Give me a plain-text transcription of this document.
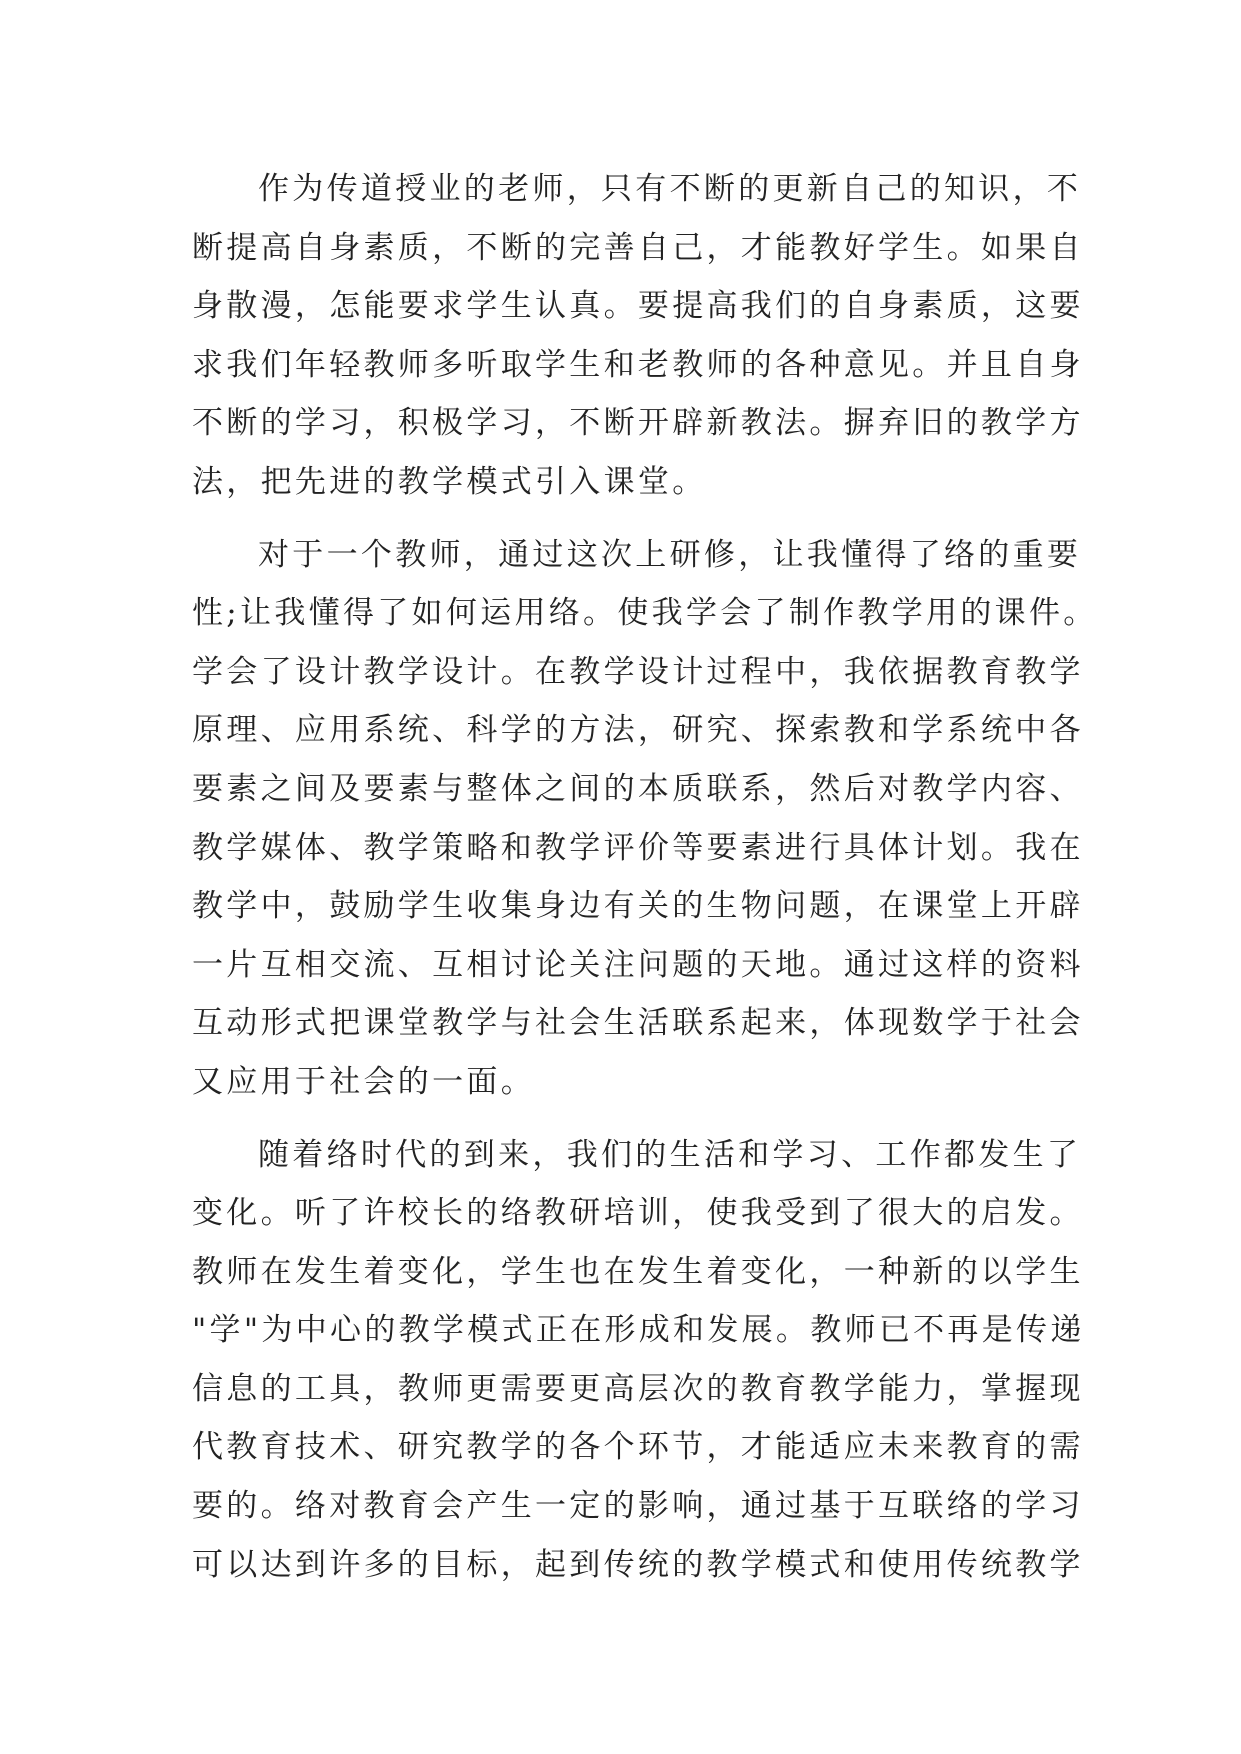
作为传道授业的老师，只有不断的更新自己的知识，不
断提高自身素质，不断的完善自己，才能教好学生。如果自
身散漫，怎能要求学生认真。要提高我们的自身素质，这要
求我们年轻教师多听取学生和老教师的各种意见。并且自身
不断的学习，积极学习，不断开辟新教法。摒弃旧的教学方
法，把先进的教学模式引入课堂。
对于一个教师，通过这次上研修，让我懂得了络的重要
性;让我懂得了如何运用络。使我学会了制作教学用的课件。
学会了设计教学设计。在教学设计过程中，我依据教育教学
原理、应用系统、科学的方法，研究、探索教和学系统中各
要素之间及要素与整体之间的本质联系，然后对教学内容、
教学媒体、教学策略和教学评价等要素进行具体计划。我在
教学中，鼓励学生收集身边有关的生物问题，在课堂上开辟
一片互相交流、互相讨论关注问题的天地。通过这样的资料
互动形式把课堂教学与社会生活联系起来，体现数学于社会
又应用于社会的一面。
随着络时代的到来，我们的生活和学习、工作都发生了
变化。听了许校长的络教研培训，使我受到了很大的启发。
教师在发生着变化，学生也在发生着变化，一种新的以学生
"学"为中心的教学模式正在形成和发展。教师已不再是传递
信息的工具，教师更需要更高层次的教育教学能力，掌握现
代教育技术、研究教学的各个环节，才能适应未来教育的需
要的。络对教育会产生一定的影响，通过基于互联络的学习
可以达到许多的目标，起到传统的教学模式和使用传统教学
